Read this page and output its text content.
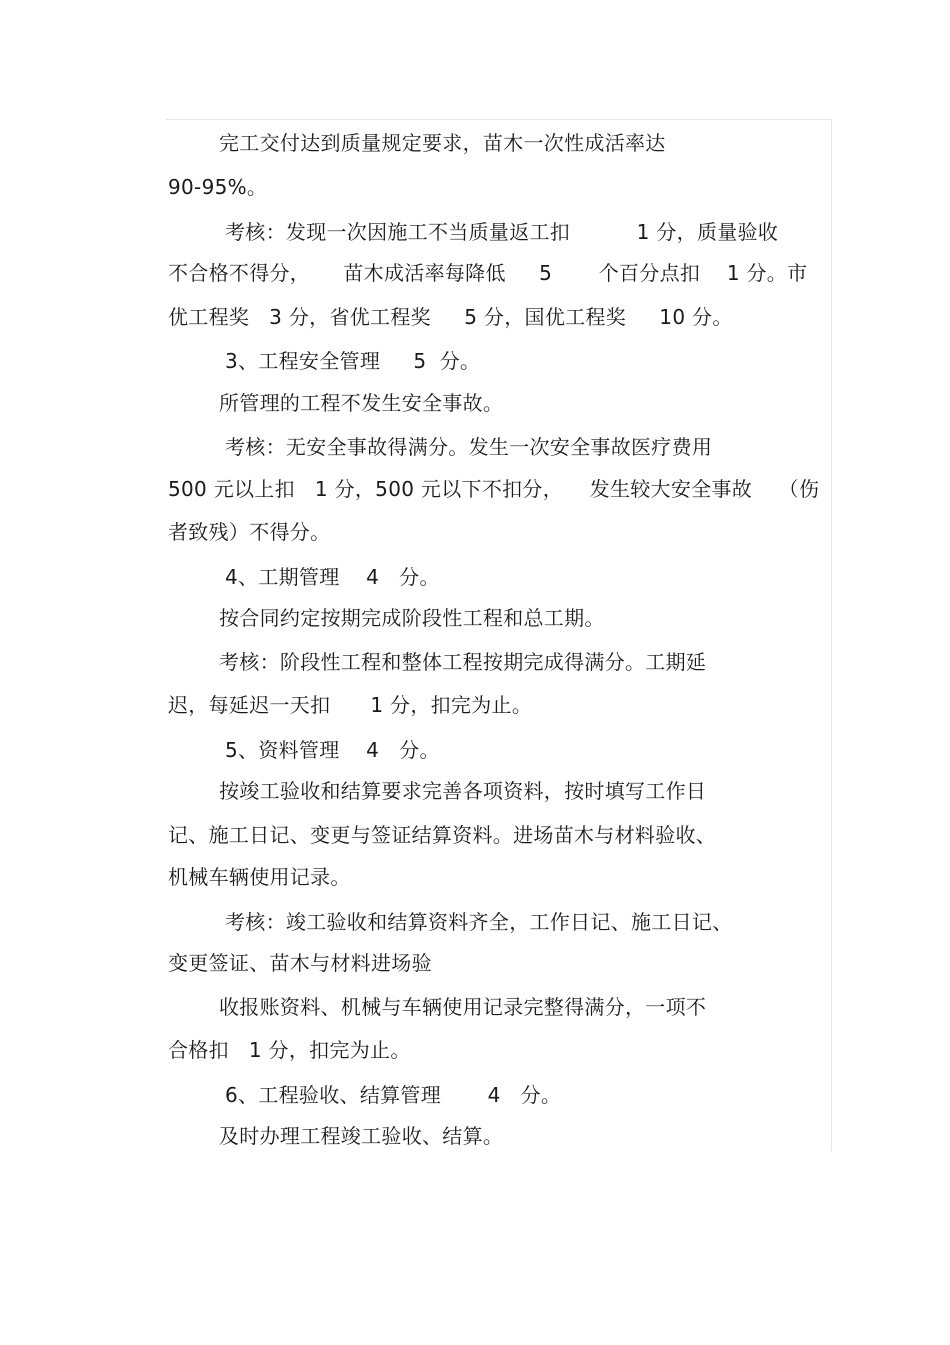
完工交付达到质量规定要求，苗木一次性成活率达
90-95%。
考核：发现一次因施工不当质量返工扣          1 分，质量验收
不合格不得分，     苗木成活率每降低     5       个百分点扣    1 分。市
优工程奖   3 分，省优工程奖     5 分，国优工程奖     10 分。
3、工程安全管理     5  分。
所管理的工程不发生安全事故。
考核：无安全事故得满分。发生一次安全事故医疗费用
500 元以上扣   1 分，500 元以下不扣分，    发生较大安全事故    （伤
者致残）不得分。
4、工期管理    4   分。
按合同约定按期完成阶段性工程和总工期。
考核：阶段性工程和整体工程按期完成得满分。工期延
迟，每延迟一天扣      1 分，扣完为止。
5、资料管理    4   分。
按竣工验收和结算要求完善各项资料，按时填写工作日
记、施工日记、变更与签证结算资料。进场苗木与材料验收、
机械车辆使用记录。
考核：竣工验收和结算资料齐全，工作日记、施工日记、
变更签证、苗木与材料进场验
收报账资料、机械与车辆使用记录完整得满分，一项不
合格扣   1 分，扣完为止。
6、工程验收、结算管理       4   分。
及时办理工程竣工验收、结算。
